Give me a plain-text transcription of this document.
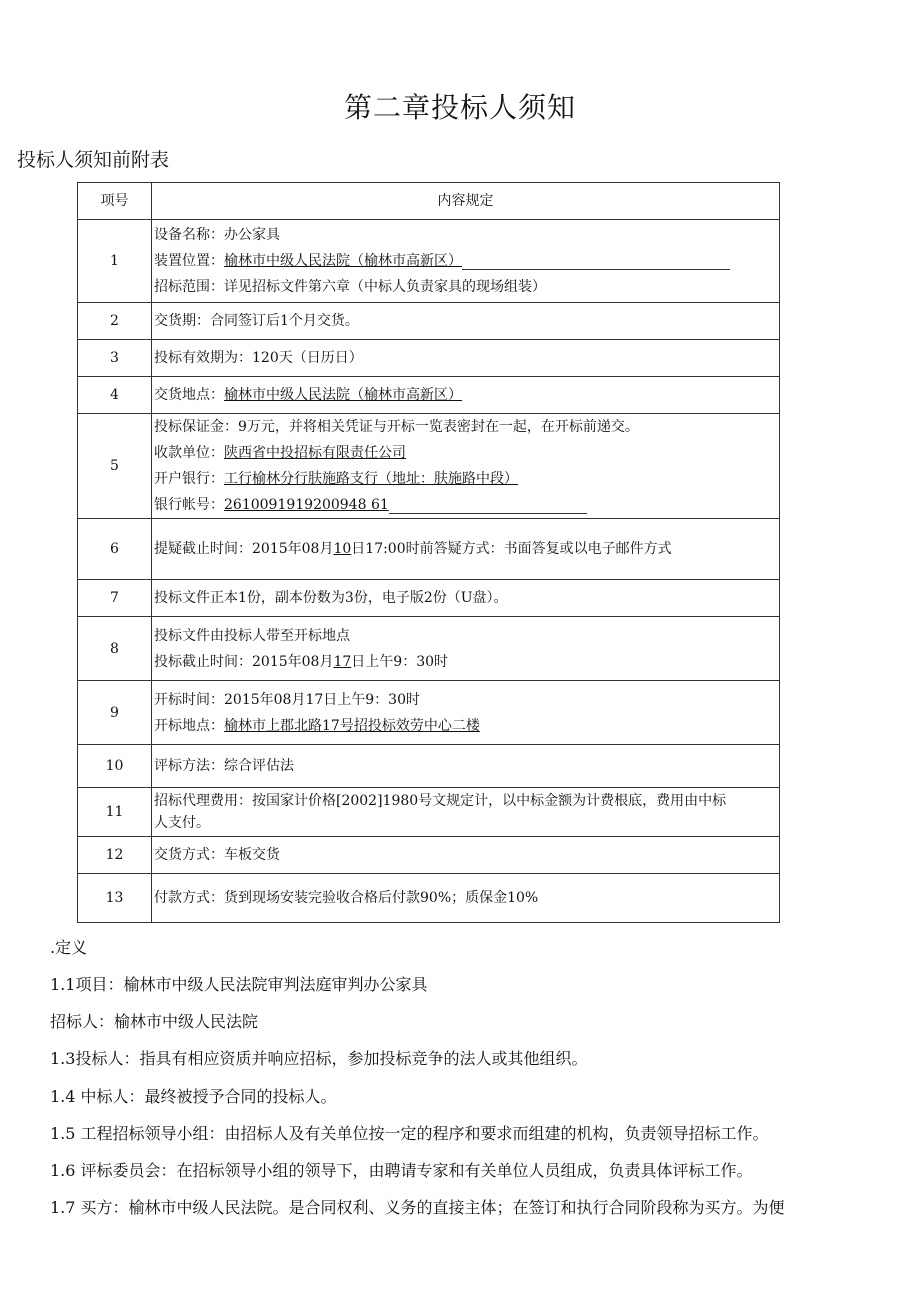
第二章投标人须知
投标人须知前附表
项号	内容规定
1	设备名称：办公家具
装置位置：榆林市中级人民法院（榆林市高新区）
招标范围：详见招标文件第六章（中标人负责家具的现场组装）

2	交货期：合同签订后1个月交货。
3	投标有效期为：120天（日历日）
4	交货地点：榆林市中级人民法院（榆林市高新区）
5	投标保证金：9万元，并将相关凭证与开标一览表密封在一起，在开标前递交。
收款单位：陕西省中投招标有限责任公司
开户银行：工行榆林分行肤施路支行（地址：肤施路中段）
银行帐号：2610091919200948 61

6	提疑截止时间：2015年08月10日17:00时前答疑方式：书面答复或以电子邮件方式
7	投标文件正本1份，副本份数为3份，电子版2份（U盘）。
8	投标文件由投标人带至开标地点
投标截止时间：2015年08月17日上午9：30时

9	开标时间：2015年08月17日上午9：30时
开标地点：榆林市上郡北路17号招投标效劳中心二楼

10	评标方法：综合评估法
11	招标代理费用：按国家计价格[2002]1980号文规定计，以中标金额为计费根底，费用由中标
人支付。

12	交货方式：车板交货
13	付款方式：货到现场安装完验收合格后付款90%；质保金10%
.定义
1.1项目：榆林市中级人民法院审判法庭审判办公家具
招标人：榆林市中级人民法院
1.3投标人：指具有相应资质并响应招标，参加投标竞争的法人或其他组织。
1.4 中标人：最终被授予合同的投标人。
1.5 工程招标领导小组：由招标人及有关单位按一定的程序和要求而组建的机构，负责领导招标工作。
1.6 评标委员会：在招标领导小组的领导下，由聘请专家和有关单位人员组成，负责具体评标工作。
1.7 买方：榆林市中级人民法院。是合同权利、义务的直接主体；在签订和执行合同阶段称为买方。为便
